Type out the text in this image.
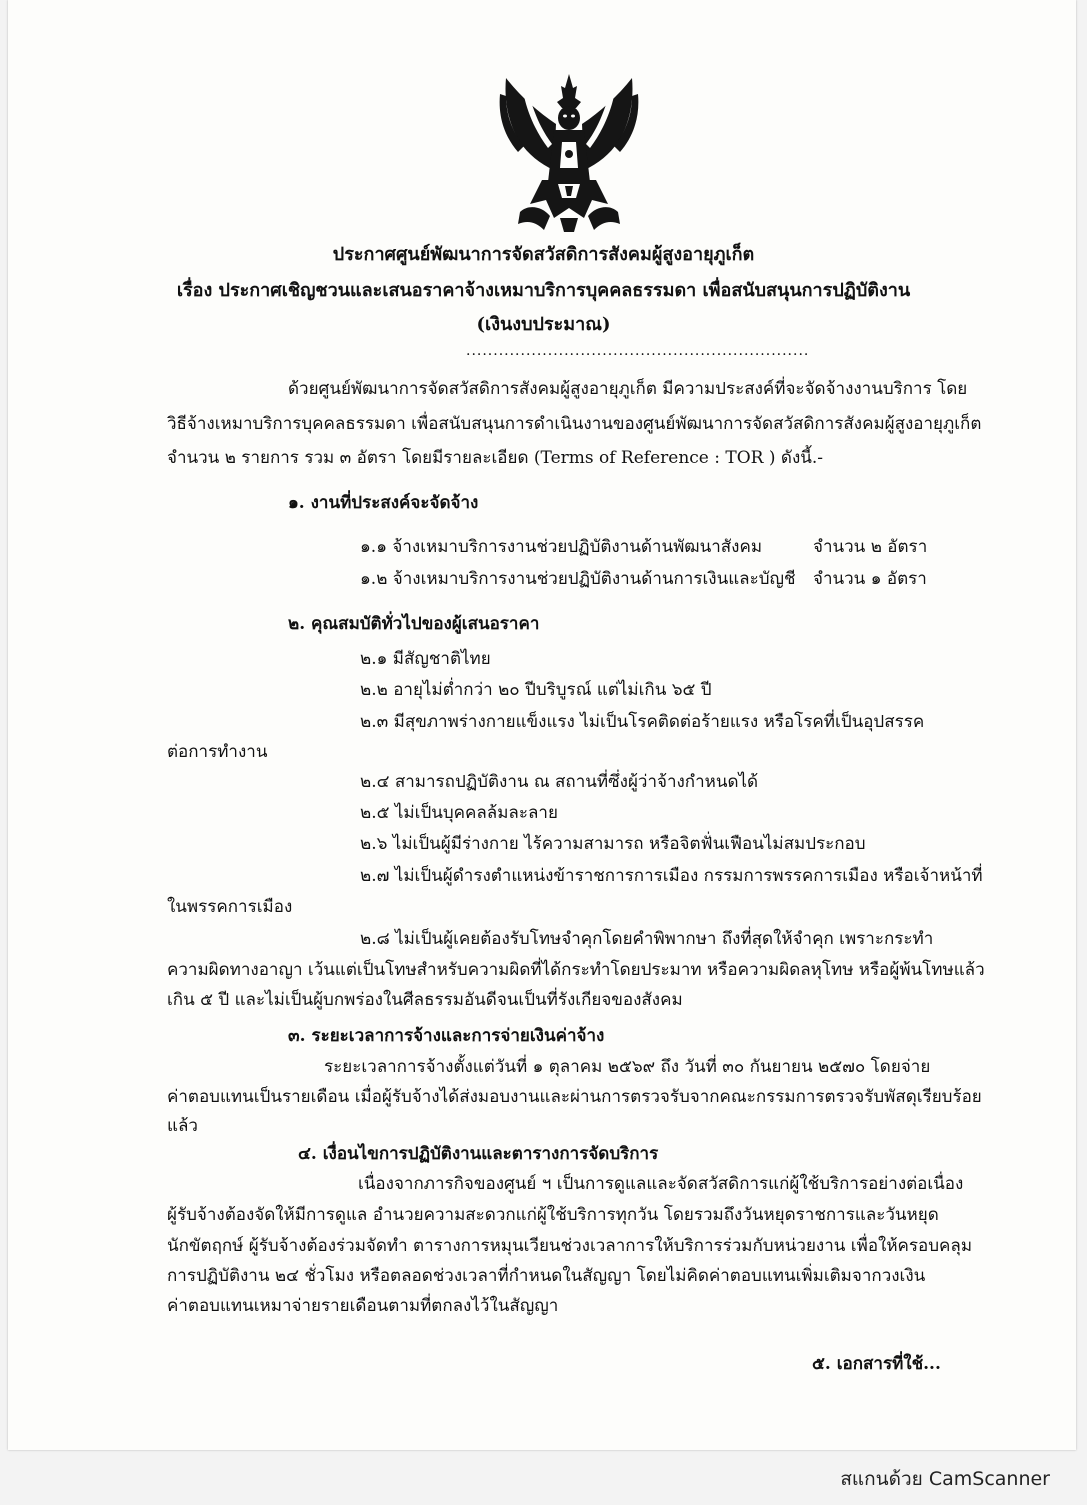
ประกาศศูนย์พัฒนาการจัดสวัสดิการสังคมผู้สูงอายุภูเก็ต
เรื่อง ประกาศเชิญชวนและเสนอราคาจ้างเหมาบริการบุคคลธรรมดา เพื่อสนับสนุนการปฏิบัติงาน
(เงินงบประมาณ)
...............................................................
ด้วยศูนย์พัฒนาการจัดสวัสดิการสังคมผู้สูงอายุภูเก็ต มีความประสงค์ที่จะจัดจ้างงานบริการ โดย
วิธีจ้างเหมาบริการบุคคลธรรมดา เพื่อสนับสนุนการดำเนินงานของศูนย์พัฒนาการจัดสวัสดิการสังคมผู้สูงอายุภูเก็ต
จำนวน ๒ รายการ รวม ๓ อัตรา โดยมีรายละเอียด (Terms of Reference : TOR ) ดังนี้.-
๑. งานที่ประสงค์จะจัดจ้าง
๑.๑ จ้างเหมาบริการงานช่วยปฏิบัติงานด้านพัฒนาสังคม	จำนวน ๒ อัตรา
๑.๒ จ้างเหมาบริการงานช่วยปฏิบัติงานด้านการเงินและบัญชี จำนวน ๑ อัตรา
๒. คุณสมบัติทั่วไปของผู้เสนอราคา
๒.๑ มีสัญชาติไทย
๒.๒ อายุไม่ต่ำกว่า ๒๐ ปีบริบูรณ์ แต่ไม่เกิน ๖๕ ปี
๒.๓ มีสุขภาพร่างกายแข็งแรง ไม่เป็นโรคติดต่อร้ายแรง หรือโรคที่เป็นอุปสรรค
ต่อการทำงาน
๒.๔ สามารถปฏิบัติงาน ณ สถานที่ซึ่งผู้ว่าจ้างกำหนดได้
๒.๕ ไม่เป็นบุคคลล้มละลาย
๒.๖ ไม่เป็นผู้มีร่างกาย ไร้ความสามารถ หรือจิตฟั่นเฟือนไม่สมประกอบ
๒.๗ ไม่เป็นผู้ดำรงตำแหน่งข้าราชการการเมือง กรรมการพรรคการเมือง หรือเจ้าหน้าที่
ในพรรคการเมือง
๒.๘ ไม่เป็นผู้เคยต้องรับโทษจำคุกโดยคำพิพากษา ถึงที่สุดให้จำคุก เพราะกระทำ
ความผิดทางอาญา เว้นแต่เป็นโทษสำหรับความผิดที่ได้กระทำโดยประมาท หรือความผิดลหุโทษ หรือผู้พ้นโทษแล้ว
เกิน ๕ ปี และไม่เป็นผู้บกพร่องในศีลธรรมอันดีจนเป็นที่รังเกียจของสังคม
๓. ระยะเวลาการจ้างและการจ่ายเงินค่าจ้าง
ระยะเวลาการจ้างตั้งแต่วันที่ ๑ ตุลาคม ๒๕๖๙ ถึง วันที่ ๓๐ กันยายน ๒๕๗๐ โดยจ่าย
ค่าตอบแทนเป็นรายเดือน เมื่อผู้รับจ้างได้ส่งมอบงานและผ่านการตรวจรับจากคณะกรรมการตรวจรับพัสดุเรียบร้อย
แล้ว
๔. เงื่อนไขการปฏิบัติงานและตารางการจัดบริการ
เนื่องจากภารกิจของศูนย์ ฯ เป็นการดูแลและจัดสวัสดิการแก่ผู้ใช้บริการอย่างต่อเนื่อง
ผู้รับจ้างต้องจัดให้มีการดูแล อำนวยความสะดวกแก่ผู้ใช้บริการทุกวัน โดยรวมถึงวันหยุดราชการและวันหยุด
นักขัตฤกษ์ ผู้รับจ้างต้องร่วมจัดทำ ตารางการหมุนเวียนช่วงเวลาการให้บริการร่วมกับหน่วยงาน เพื่อให้ครอบคลุม
การปฏิบัติงาน ๒๔ ชั่วโมง หรือตลอดช่วงเวลาที่กำหนดในสัญญา โดยไม่คิดค่าตอบแทนเพิ่มเติมจากวงเงิน
ค่าตอบแทนเหมาจ่ายรายเดือนตามที่ตกลงไว้ในสัญญา
๕. เอกสารที่ใช้...
สแกนด้วย CamScanner
